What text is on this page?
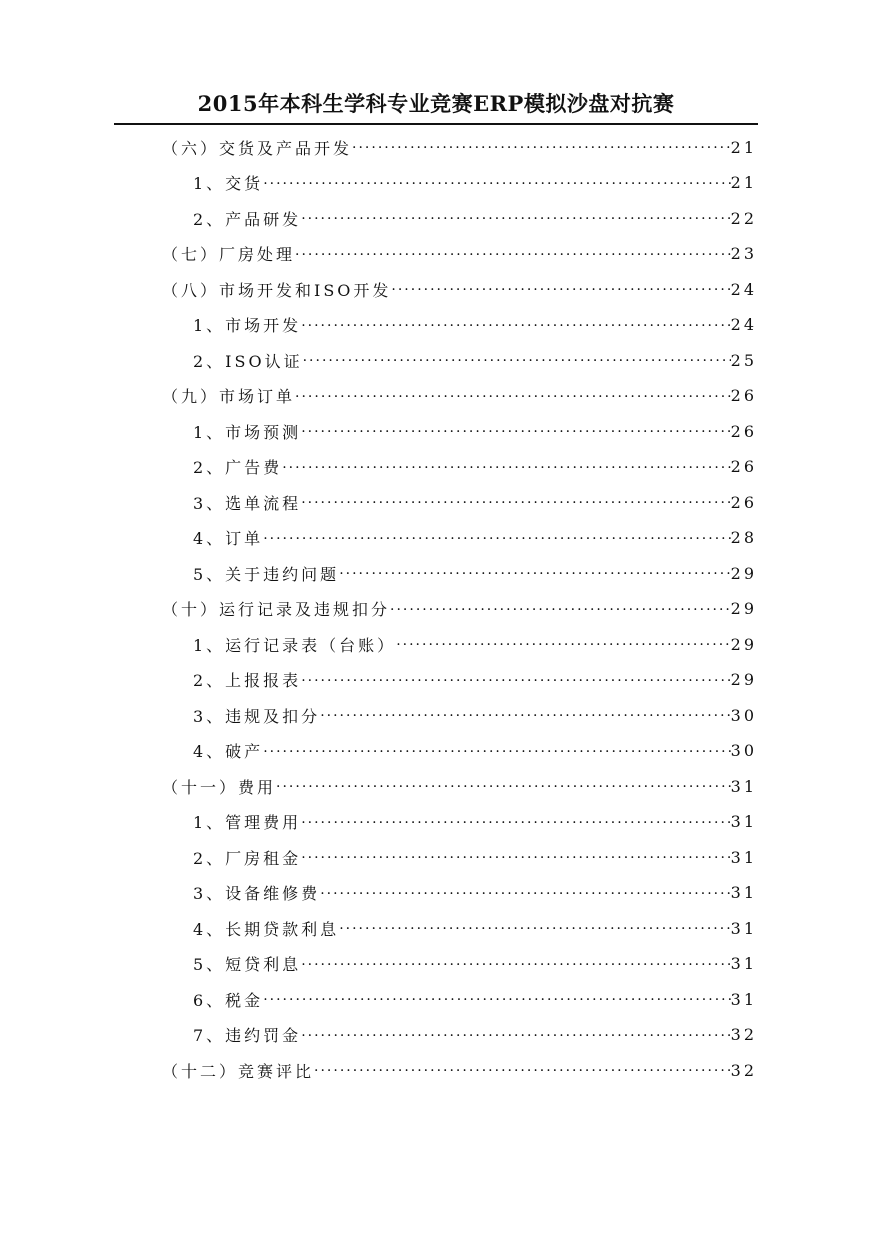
2015年本科生学科专业竞赛ERP模拟沙盘对抗赛
（六）交货及产品开发 ·····	21
1、交货 ·····	21
2、产品研发 ·····	22
（七）厂房处理 ·····	23
（八）市场开发和ISO开发 ·····	24
1、市场开发 ·····	24
2、ISO认证 ·····	25
（九）市场订单 ·····	26
1、市场预测 ·····	26
2、广告费 ·····	26
3、选单流程 ·····	26
4、订单 ·····	28
5、关于违约问题 ·····	29
（十）运行记录及违规扣分 ·····	29
1、运行记录表（台账） ·····	29
2、上报报表 ·····	29
3、违规及扣分 ·····	30
4、破产 ·····	30
（十一）费用 ·····	31
1、管理费用 ·····	31
2、厂房租金 ·····	31
3、设备维修费 ·····	31
4、长期贷款利息 ·····	31
5、短贷利息 ·····	31
6、税金 ·····	31
7、违约罚金 ·····	32
（十二）竞赛评比 ·····	32
